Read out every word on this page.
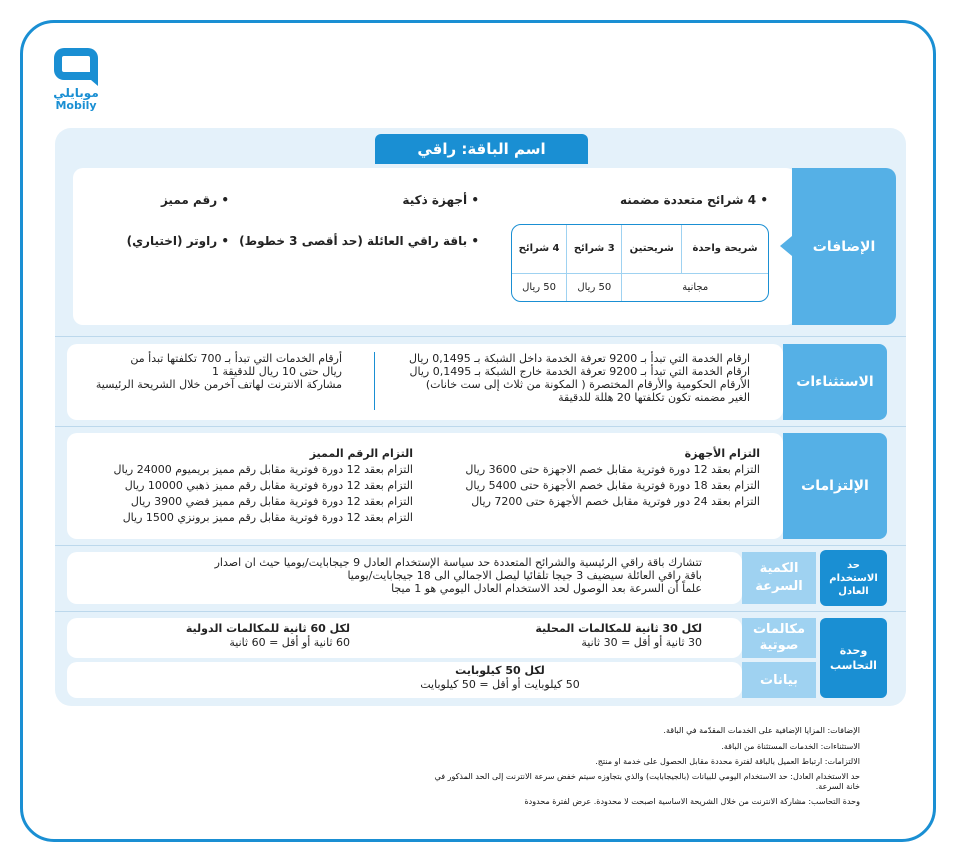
موبايلي
Mobily
اسم الباقة: راقي
الإضافات
• 4 شرائح متعددة مضمنه
• أجهزة ذكية
• رقم مميز
• باقة راقي العائلة (حد أقصى 3 خطوط)
• راوتر (اختياري)
شريحة واحدة	شريحتين	3 شرائح	4 شرائح
مجانية		50 ريال	50 ريال
الاستثناءات
ارقام الخدمة التي تبدأ بـ 9200 تعرفة الخدمة داخل الشبكة بـ 0,1495 ريال
ارقام الخدمة التي تبدأ بـ 9200 تعرفة الخدمة خارج الشبكة بـ 0,1495 ريال
الأرقام الحكومية والأرقام المختصرة ( المكونة من ثلاث إلى ست خانات)
الغير مضمنه تكون تكلفتها 20 هللة للدقيقة
أرقام الخدمات التي تبدأ بـ 700 تكلفتها تبدأ من
ريال حتى 10 ريال للدقيقة 1
مشاركة الانترنت لهاتف آخرمن خلال الشريحة الرئيسية
الإلتزامات
التزام الأجهزة
التزام بعقد 12 دورة فوترية مقابل خصم الاجهزة حتى 3600 ريال
التزام بعقد 18 دورة فوترية مقابل خصم الأجهزة حتى 5400 ريال
التزام بعقد 24 دور فوترية مقابل خصم الأجهزة حتى 7200 ريال
التزام الرقم المميز
التزام بعقد 12 دورة فوترية مقابل رقم مميز بريميوم 24000 ريال
التزام بعقد 12 دورة فوترية مقابل رقم مميز ذهبي 10000 ريال
التزام بعقد 12 دورة فوترية مقابل رقم مميز فضي 3900 ريال
التزام بعقد 12 دورة فوترية مقابل رقم مميز برونزي 1500 ريال
الكمية السرعة
حد الاستخدام العادل
تتشارك باقة راقي الرئيسية والشرائح المتعددة حد سياسة الإستخدام العادل 9 جيجابايت/يوميا حيث ان اصدار
باقة راقي العائلة سيضيف 3 جيجا تلقائيا ليصل الاجمالي الى 18 جيجابايت/يوميا
علماً أن السرعة بعد الوصول لحد الاستخدام العادل اليومي هو 1 ميجا
وحدة التحاسب
مكالمات صوتية
لكل 30 ثانية للمكالمات المحلية
30 ثانية أو أقل = 30 ثانية
لكل 60 ثانية للمكالمات الدولية
60 ثانية أو أقل = 60 ثانية
بيانات
لكل 50 كيلوبايت
50 كيلوبايت أو أقل = 50 كيلوبايت
الإضافات: المزايا الإضافية على الخدمات المقدّمة في الباقة.
الاستثناءات: الخدمات المستثناة من الباقة.
الالتزامات: ارتباط العميل بالباقة لفترة محددة مقابل الحصول على خدمة او منتج.
حد الاستخدام العادل: حد الاستخدام اليومي للبيانات (بالجيجابايت) والذي بتجاوزه سيتم خفض سرعة الانترنت إلى الحد المذكور في خانة السرعة.
وحدة التحاسب: مشاركة الانترنت من خلال الشريحة الاساسية اصبحت لا محدودة. عرض لفترة محدودة
